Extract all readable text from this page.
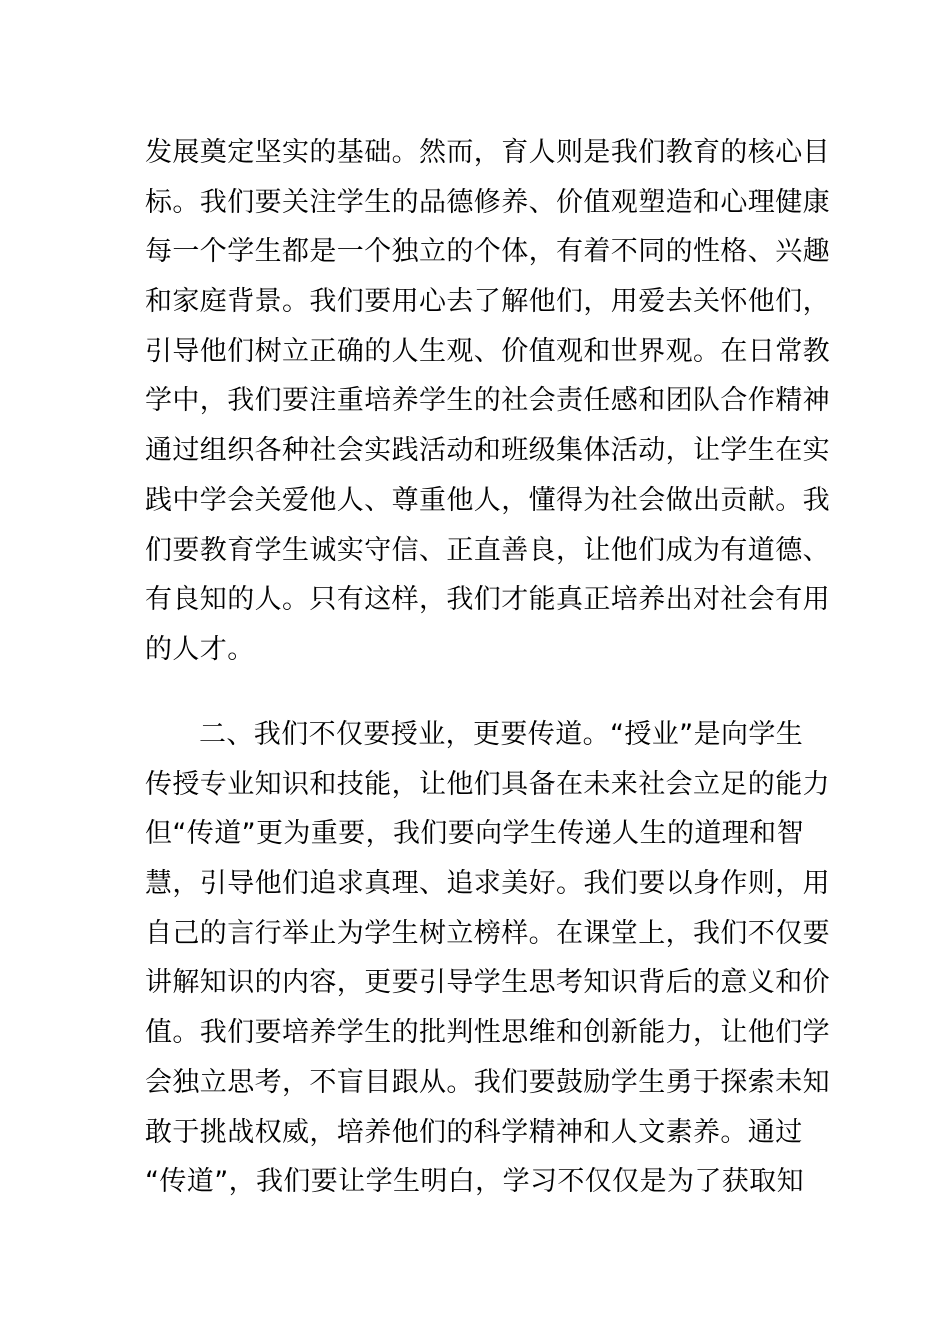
发展奠定坚实的基础。然而，育人则是我们教育的核心目
标。我们要关注学生的品德修养、价值观塑造和心理健康
每一个学生都是一个独立的个体，有着不同的性格、兴趣
和家庭背景。我们要用心去了解他们，用爱去关怀他们，
引导他们树立正确的人生观、价值观和世界观。在日常教
学中，我们要注重培养学生的社会责任感和团队合作精神
通过组织各种社会实践活动和班级集体活动，让学生在实
践中学会关爱他人、尊重他人，懂得为社会做出贡献。我
们要教育学生诚实守信、正直善良，让他们成为有道德、
有良知的人。只有这样，我们才能真正培养出对社会有用
的人才。
二、我们不仅要授业，更要传道。“授业”是向学生
传授专业知识和技能，让他们具备在未来社会立足的能力
但“传道”更为重要，我们要向学生传递人生的道理和智
慧，引导他们追求真理、追求美好。我们要以身作则，用
自己的言行举止为学生树立榜样。在课堂上，我们不仅要
讲解知识的内容，更要引导学生思考知识背后的意义和价
值。我们要培养学生的批判性思维和创新能力，让他们学
会独立思考，不盲目跟从。我们要鼓励学生勇于探索未知
敢于挑战权威，培养他们的科学精神和人文素养。通过
“传道”，我们要让学生明白，学习不仅仅是为了获取知
